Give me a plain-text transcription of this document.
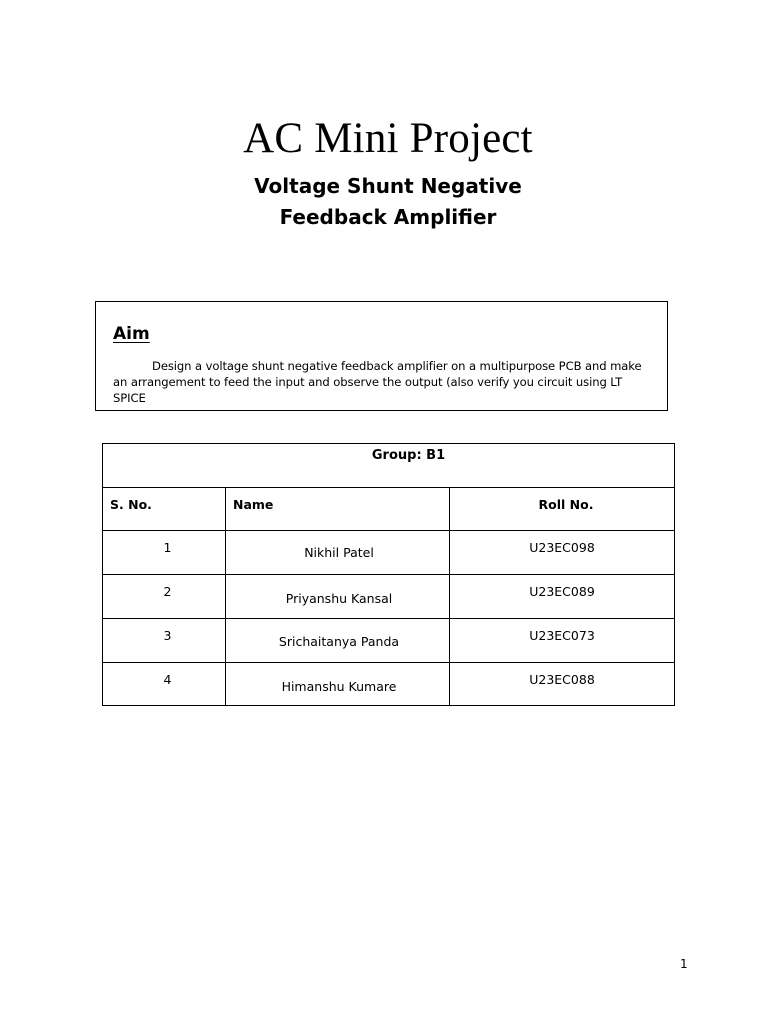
AC Mini Project
Voltage Shunt Negative
Feedback Amplifier
Aim
Design a voltage shunt negative feedback amplifier on a multipurpose PCB and make an arrangement to feed the input and observe the output (also verify you circuit using LT SPICE
Group: B1		

S. No.	Name	Roll No.

1	Nikhil Patel	U23EC098

2	Priyanshu Kansal	U23EC089

3	Srichaitanya Panda	U23EC073

4	Himanshu Kumare	U23EC088
1
